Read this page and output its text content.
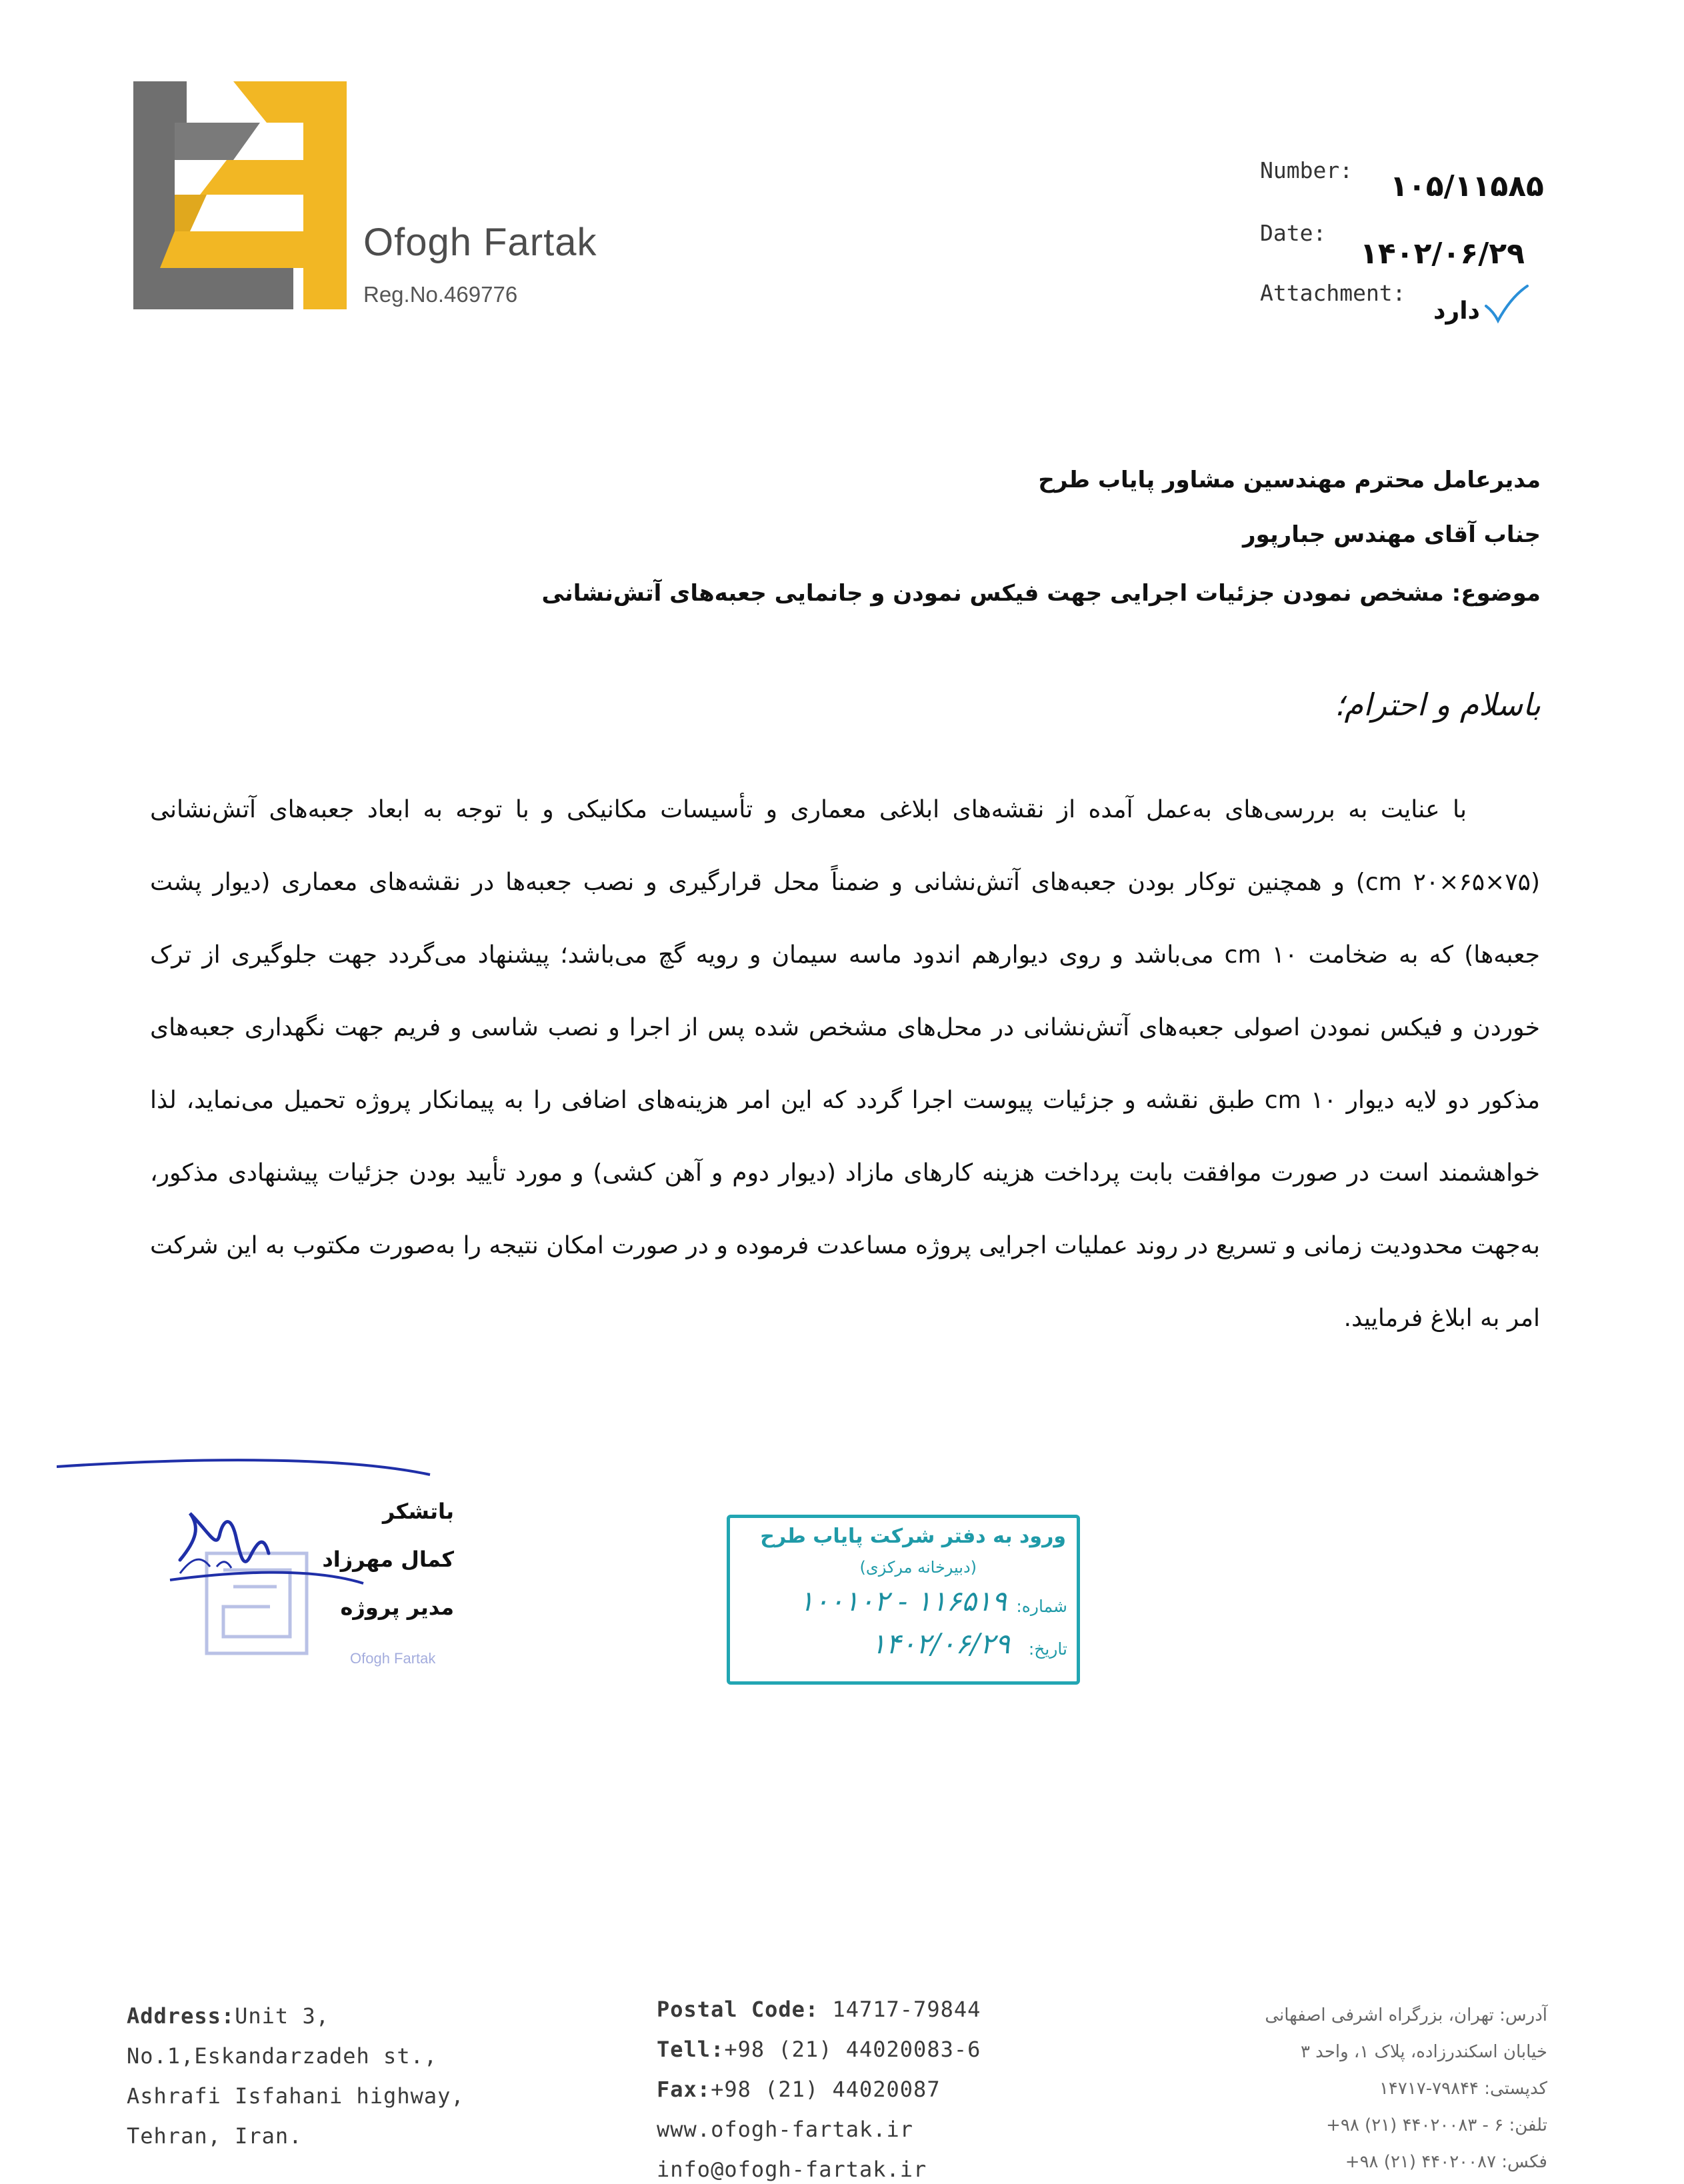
Ofogh Fartak
Reg.No.469776
Number: ۱۰۵/۱۱۵۸۵
Date:
۱۴۰۲/۰۶/۲۹
Attachment:
دارد
مدیرعامل محترم مهندسین مشاور پایاب طرح
جناب آقای مهندس جبارپور
موضوع: مشخص نمودن جزئیات اجرایی جهت فیکس نمودن و جانمایی جعبه‌های آتش‌نشانی
باسلام و احترام؛
با عنایت به بررسی‌های به‌عمل آمده از نقشه‌های ابلاغی معماری و تأسیسات مکانیکی و با توجه به ابعاد جعبه‌های آتش‌نشانی (۷۵×۶۵×۲۰ cm) و همچنین توکار بودن جعبه‌های آتش‌نشانی و ضمناً محل قرارگیری و نصب جعبه‌ها در نقشه‌های معماری (دیوار پشت جعبه‌ها) که به ضخامت ۱۰ cm می‌باشد و روی دیوارهم اندود ماسه سیمان و رویه گچ می‌باشد؛ پیشنهاد می‌گردد جهت جلوگیری از ترک خوردن و فیکس نمودن اصولی جعبه‌های آتش‌نشانی در محل‌های مشخص شده پس از اجرا و نصب شاسی و فریم جهت نگهداری جعبه‌های مذکور دو لایه دیوار ۱۰ cm طبق نقشه و جزئیات پیوست اجرا گردد که این امر هزینه‌های اضافی را به پیمانکار پروژه تحمیل می‌نماید، لذا خواهشمند است در صورت موافقت بابت پرداخت هزینه کارهای مازاد (دیوار دوم و آهن کشی) و مورد تأیید بودن جزئیات پیشنهادی مذکور، به‌جهت محدودیت زمانی و تسریع در روند عملیات اجرایی پروژه مساعدت فرموده و در صورت امکان نتیجه را به‌صورت مکتوب به این شرکت امر به ابلاغ فرمایید.
Ofogh Fartak
باتشکر
کمال مهرزاد
مدیر پروژه
ورود به دفتر شرکت پایاب طرح
(دبیرخانه مرکزی)
شماره:
۱۱۶۵۱۹ - ۱۰۰۱۰۲
تاریخ:
۱۴۰۲/۰۶/۲۹
Address:Unit 3,
No.1,Eskandarzadeh st.,
Ashrafi Isfahani highway,
Tehran, Iran.
Postal Code: 14717-79844
Tell:+98 (21) 44020083-6
Fax:+98 (21) 44020087
www.ofogh-fartak.ir
info@ofogh-fartak.ir
آدرس: تهران، بزرگراه اشرفی اصفهانی
خیابان اسکندرزاده، پلاک ۱، واحد ۳
کدپستی: ۷۹۸۴۴-۱۴۷۱۷
تلفن: ۶ - ۴۴۰۲۰۰۸۳ (۲۱) ۹۸+
فکس: ۴۴۰۲۰۰۸۷ (۲۱) ۹۸+
